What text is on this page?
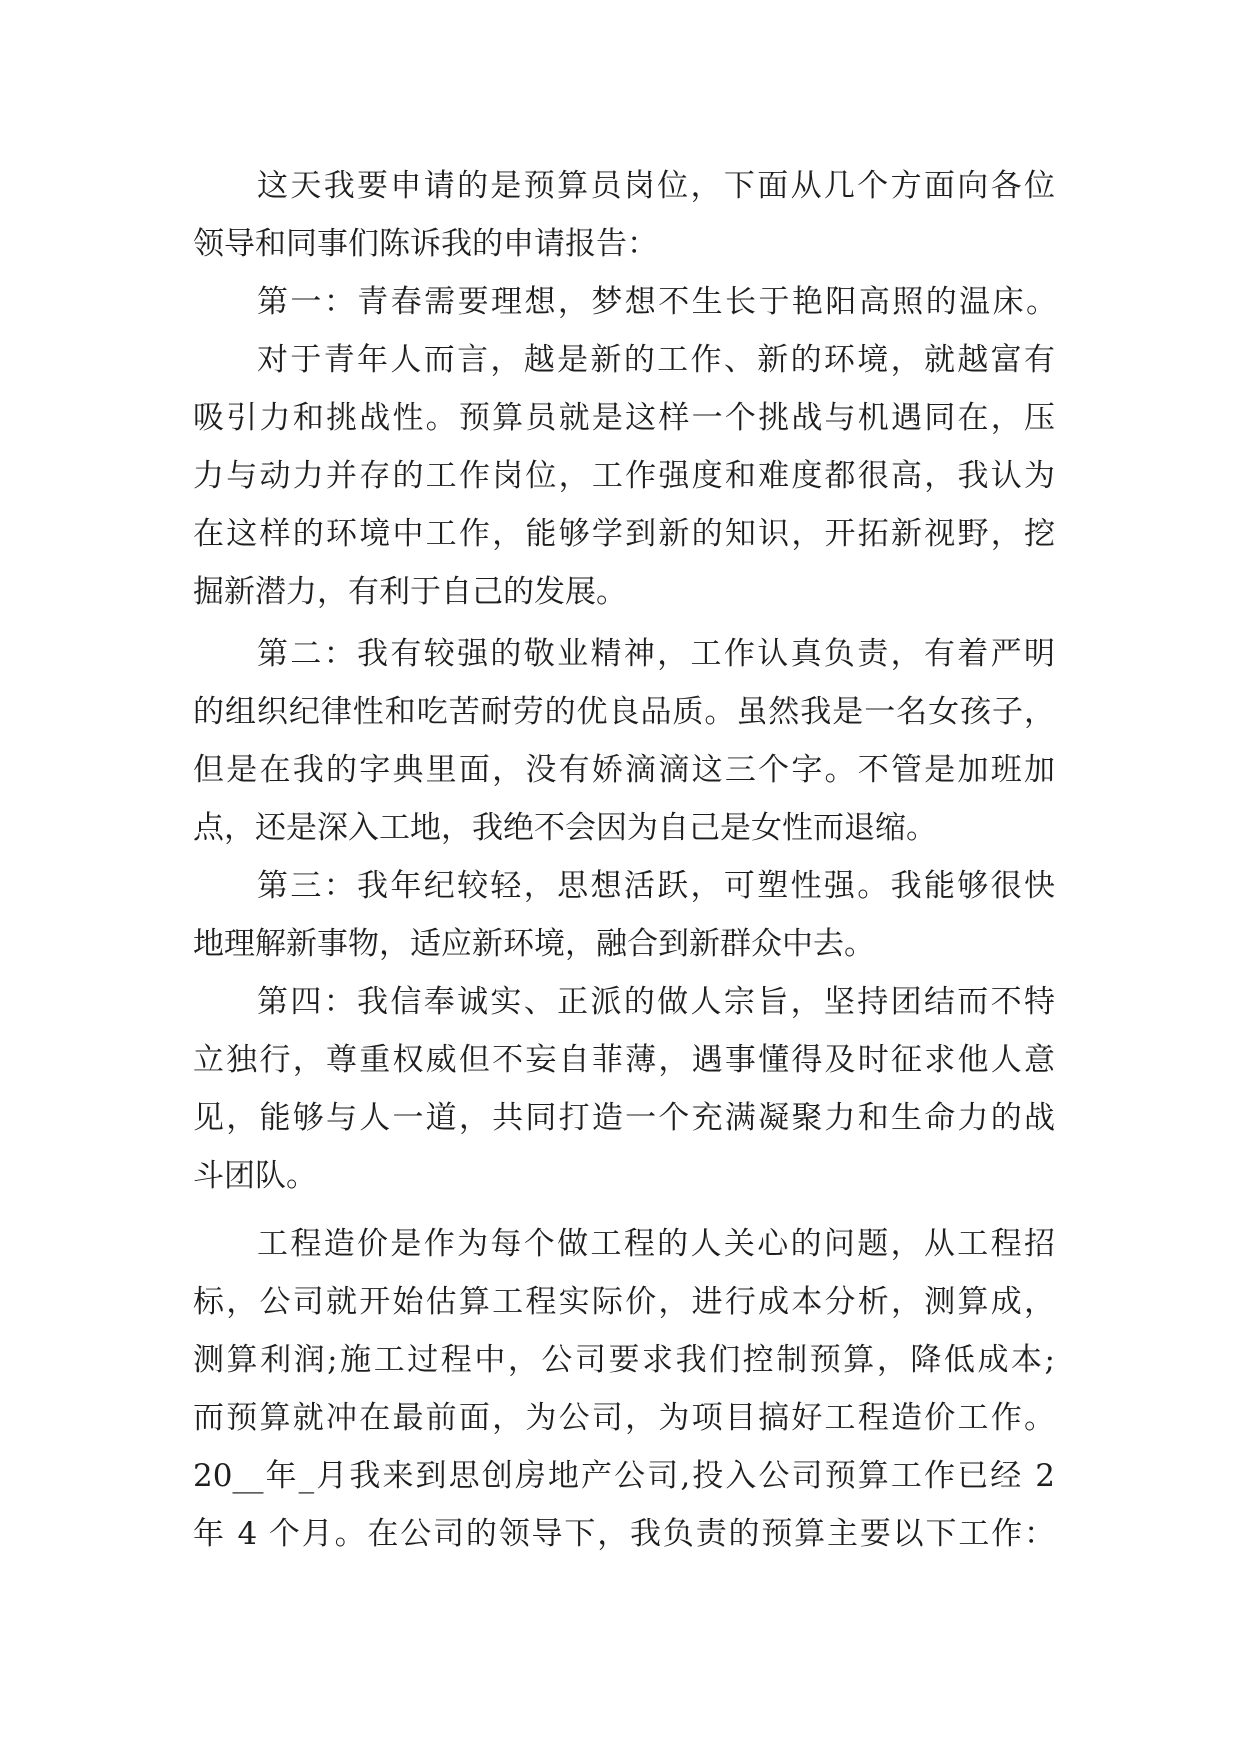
这天我要申请的是预算员岗位，下面从几个方面向各位
领导和同事们陈诉我的申请报告：
第一：青春需要理想，梦想不生长于艳阳高照的温床。
对于青年人而言，越是新的工作、新的环境，就越富有
吸引力和挑战性。预算员就是这样一个挑战与机遇同在，压
力与动力并存的工作岗位，工作强度和难度都很高，我认为
在这样的环境中工作，能够学到新的知识，开拓新视野，挖
掘新潜力，有利于自己的发展。
第二：我有较强的敬业精神，工作认真负责，有着严明
的组织纪律性和吃苦耐劳的优良品质。虽然我是一名女孩子，
但是在我的字典里面，没有娇滴滴这三个字。不管是加班加
点，还是深入工地，我绝不会因为自己是女性而退缩。
第三：我年纪较轻，思想活跃，可塑性强。我能够很快
地理解新事物，适应新环境，融合到新群众中去。
第四：我信奉诚实、正派的做人宗旨，坚持团结而不特
立独行，尊重权威但不妄自菲薄，遇事懂得及时征求他人意
见，能够与人一道，共同打造一个充满凝聚力和生命力的战
斗团队。
工程造价是作为每个做工程的人关心的问题，从工程招
标，公司就开始估算工程实际价，进行成本分析，测算成，
测算利润;施工过程中，公司要求我们控制预算，降低成本;
而预算就冲在最前面，为公司，为项目搞好工程造价工作。
20__年_月我来到思创房地产公司,投入公司预算工作已经 2
年 4 个月。在公司的领导下，我负责的预算主要以下工作：
